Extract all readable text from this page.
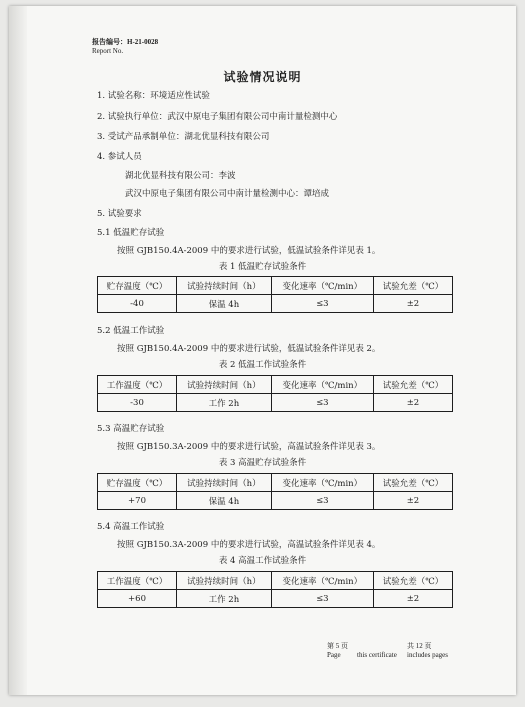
报告编号：H-21-0028
Report No.
试验情况说明
1. 试验名称：环境适应性试验
2. 试验执行单位：武汉中原电子集团有限公司中南计量检测中心
3. 受试产品承制单位：湖北优显科技有限公司
4. 参试人员
湖北优显科技有限公司：李波
武汉中原电子集团有限公司中南计量检测中心：谭培成
5. 试验要求
5.1 低温贮存试验
按照 GJB150.4A-2009 中的要求进行试验，低温试验条件详见表 1。
表 1 低温贮存试验条件
贮存温度（℃）	试验持续时间（h）	变化速率（℃/min）	试验允差（℃）
-40	保温 4h	≤3	±2
5.2 低温工作试验
按照 GJB150.4A-2009 中的要求进行试验，低温试验条件详见表 2。
表 2 低温工作试验条件
工作温度（℃）	试验持续时间（h）	变化速率（℃/min）	试验允差（℃）
-30	工作 2h	≤3	±2
5.3 高温贮存试验
按照 GJB150.3A-2009 中的要求进行试验，高温试验条件详见表 3。
表 3 高温贮存试验条件
贮存温度（℃）	试验持续时间（h）	变化速率（℃/min）	试验允差（℃）
+70	保温 4h	≤3	±2
5.4 高温工作试验
按照 GJB150.3A-2009 中的要求进行试验，高温试验条件详见表 4。
表 4 高温工作试验条件
工作温度（℃）	试验持续时间（h）	变化速率（℃/min）	试验允差（℃）
+60	工作 2h	≤3	±2
第 5 页
Page	this certificate
共 12 页
includes pages
